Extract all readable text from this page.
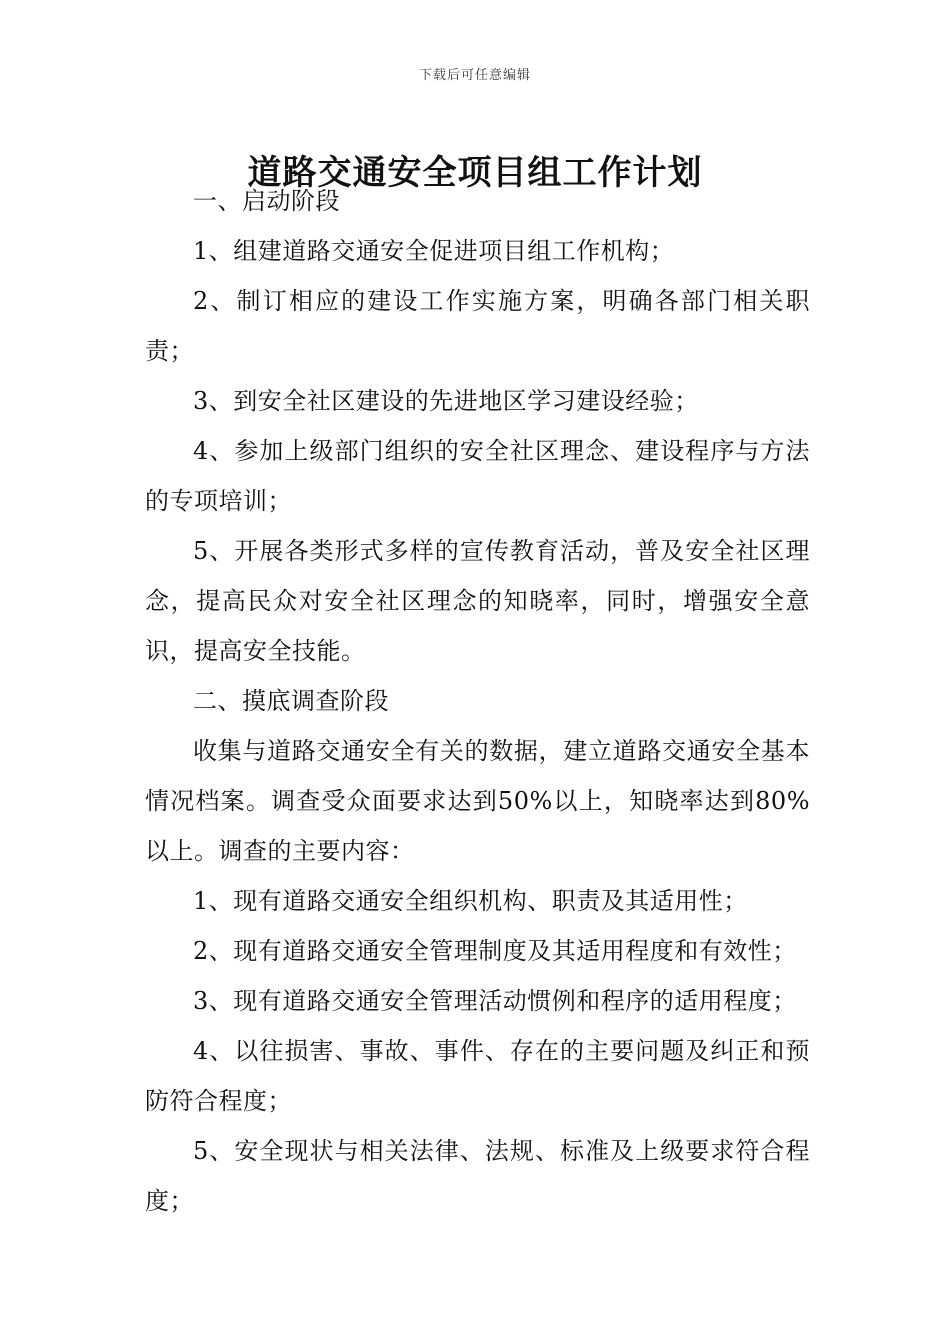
下载后可任意编辑
道路交通安全项目组工作计划

一、启动阶段

1、组建道路交通安全促进项目组工作机构；

2、制订相应的建设工作实施方案，明确各部门相关职责；

3、到安全社区建设的先进地区学习建设经验；

4、参加上级部门组织的安全社区理念、建设程序与方法的专项培训；

5、开展各类形式多样的宣传教育活动，普及安全社区理念，提高民众对安全社区理念的知晓率，同时，增强安全意识，提高安全技能。

二、摸底调查阶段

收集与道路交通安全有关的数据，建立道路交通安全基本情况档案。调查受众面要求达到50%以上，知晓率达到80%以上。调查的主要内容：

1、现有道路交通安全组织机构、职责及其适用性；

2、现有道路交通安全管理制度及其适用程度和有效性；

3、现有道路交通安全管理活动惯例和程序的适用程度；

4、以往损害、事故、事件、存在的主要问题及纠正和预防符合程度；

5、安全现状与相关法律、法规、标准及上级要求符合程度；
